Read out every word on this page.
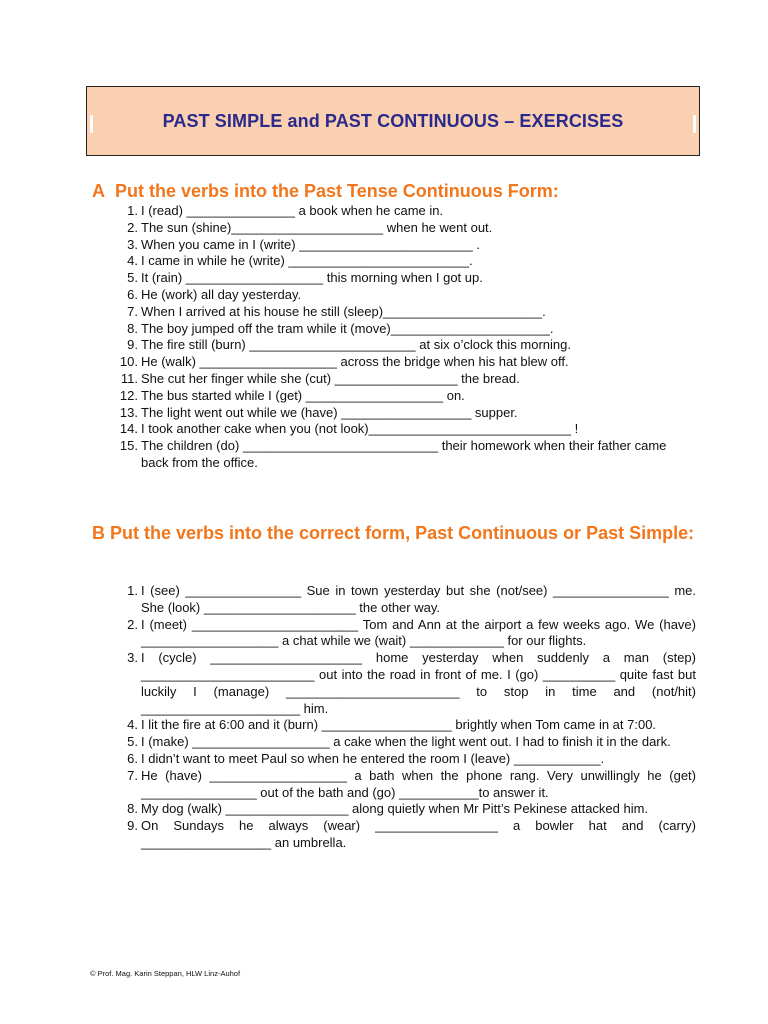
PAST SIMPLE and PAST CONTINUOUS – EXERCISES
A Put the verbs into the Past Tense Continuous Form:
1. I (read) _______________ a book when he came in.
2. The sun (shine)_____________________ when he went out.
3. When you came in I (write) ________________________ .
4. I came in while he (write) _________________________.
5. It (rain) ___________________ this morning when I got up.
6. He (work) all day yesterday.
7. When I arrived at his house he still (sleep)______________________.
8. The boy jumped off the tram while it (move)______________________.
9. The fire still (burn) _______________________ at six o’clock this morning.
10. He (walk) ___________________ across the bridge when his hat blew off.
11. She cut her finger while she (cut) _________________ the bread.
12. The bus started while I (get) ___________________ on.
13. The light went out while we (have) __________________ supper.
14. I took another cake when you (not look)____________________________ !
15. The children (do) ___________________________ their homework when their father came back from the office.
B Put the verbs into the correct form, Past Continuous or Past Simple:
1. I (see) ________________ Sue in town yesterday but she (not/see) ________________ me. She (look) _____________________ the other way.
2. I (meet) _______________________ Tom and Ann at the airport a few weeks ago. We (have) ___________________ a chat while we (wait) _____________ for our flights.
3. I (cycle) _____________________ home yesterday when suddenly a man (step) ________________________ out into the road in front of me. I (go) __________ quite fast but luckily I (manage) ________________________ to stop in time and (not/hit) ______________________ him.
4. I lit the fire at 6:00 and it (burn) __________________ brightly when Tom came in at 7:00.
5. I (make) ___________________ a cake when the light went out. I had to finish it in the dark.
6. I didn’t want to meet Paul so when he entered the room I (leave) ____________.
7. He (have) ___________________ a bath when the phone rang. Very unwillingly he (get) ________________ out of the bath and (go) ___________to answer it.
8. My dog (walk) _________________ along quietly when Mr Pitt’s Pekinese attacked him.
9. On Sundays he always (wear) _________________ a bowler hat and (carry) __________________ an umbrella.
© Prof. Mag. Karin Steppan, HLW Linz-Auhof
